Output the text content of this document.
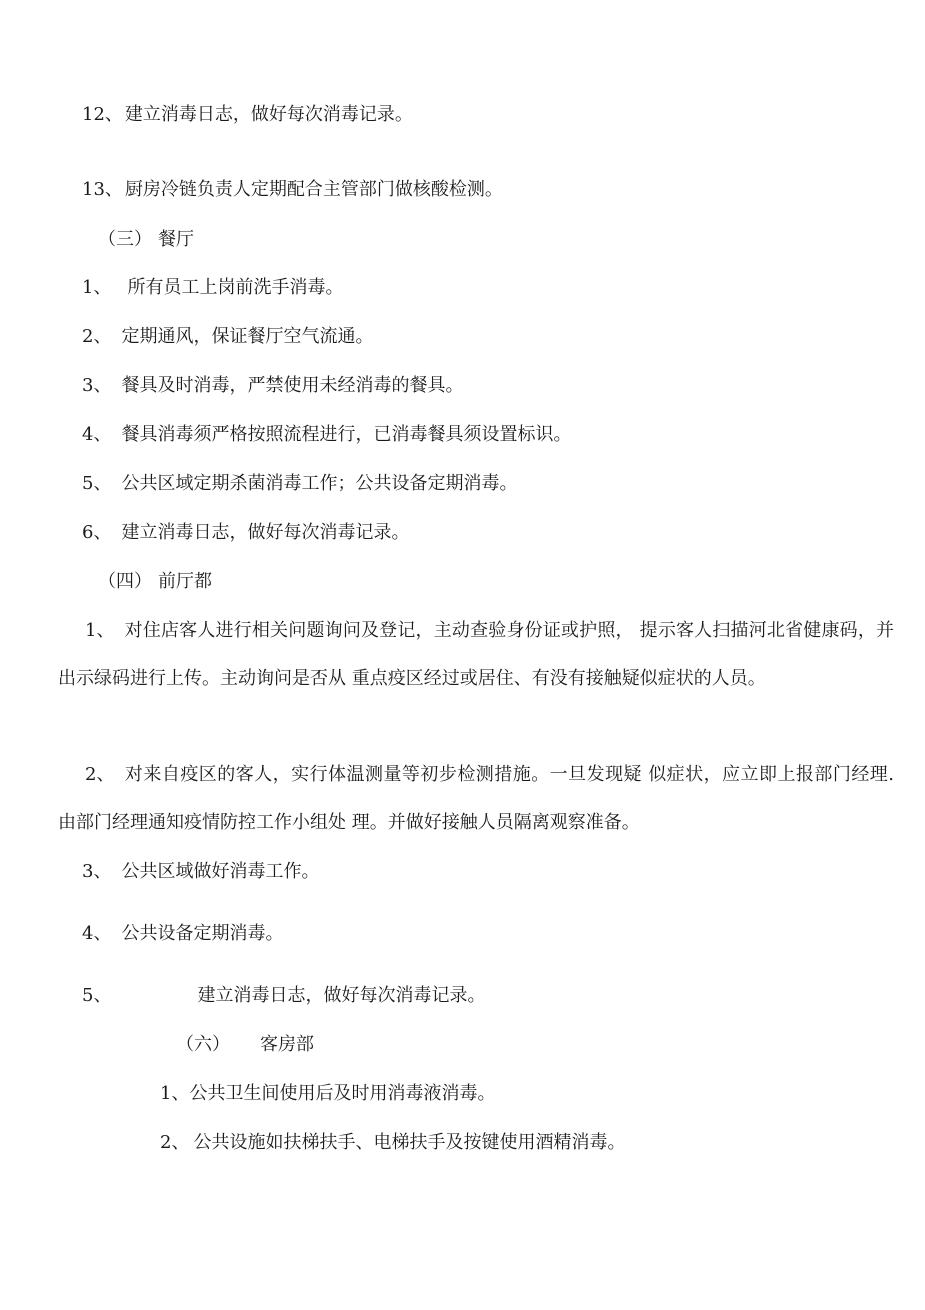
12、 建立消毒日志，做好每次消毒记录。
13、 厨房冷链负责人定期配合主管部门做核酸检测。
（三） 餐厅
1、 所有员工上岗前洗手消毒。
2、 定期通风，保证餐厅空气流通。
3、 餐具及时消毒，严禁使用未经消毒的餐具。
4、 餐具消毒须严格按照流程进行，已消毒餐具须设置标识。
5、 公共区域定期杀菌消毒工作；公共设备定期消毒。
6、 建立消毒日志，做好每次消毒记录。
（四） 前厅都
1、 对住店客人进行相关问题询问及登记，主动查验身份证或护照， 提示客人扫描河北省健康码，并出示绿码进行上传。主动询问是否从 重点疫区经过或居住、有没有接触疑似症状的人员。
2、 对来自疫区的客人，实行体温测量等初步检测措施。一旦发现疑 似症状，应立即上报部门经理. 由部门经理通知疫情防控工作小组处 理。并做好接触人员隔离观察准备。
3、 公共区域做好消毒工作。
4、 公共设备定期消毒。
5、	建立消毒日志，做好每次消毒记录。
（六） 客房部
1、公共卫生间使用后及时用消毒液消毒。
2、 公共设施如扶梯扶手、电梯扶手及按键使用酒精消毒。
